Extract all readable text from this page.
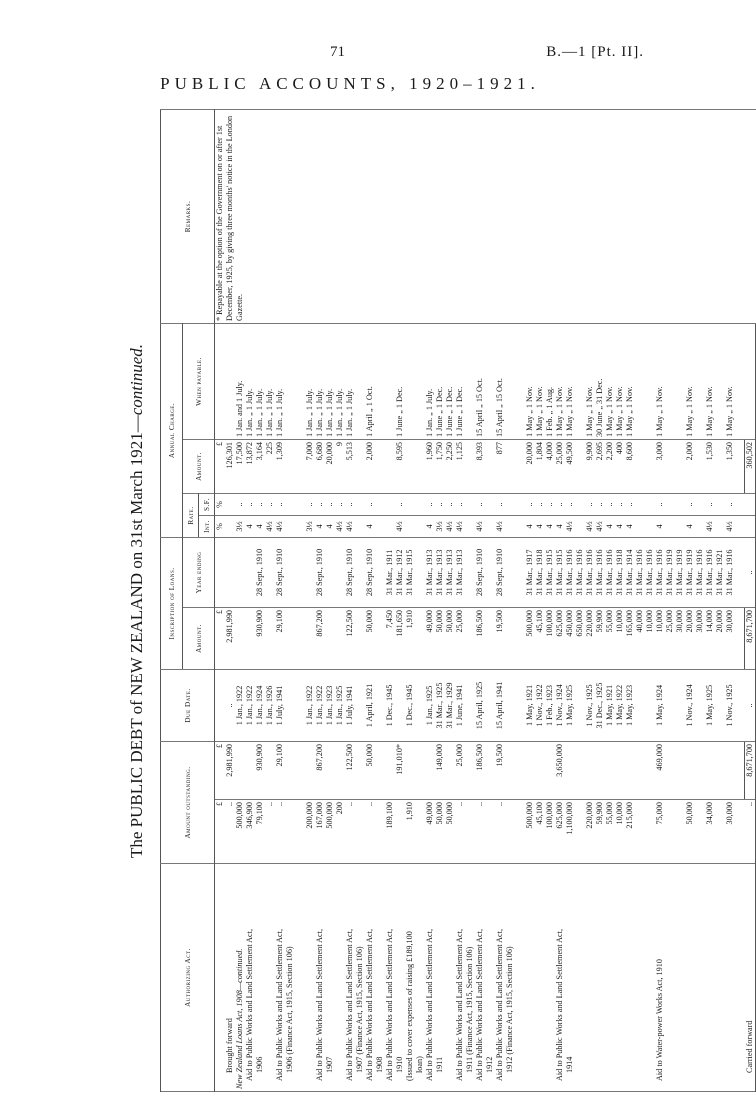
71	B.—1 [Pt. II].
PUBLIC ACCOUNTS, 1920–1921.
The PUBLIC DEBT of NEW ZEALAND on 31st March 1921—continued.
Authorizing Act.	Amount outstanding.		Due Date.	Inscription of Loans.		Annual Charge.				Remarks.
				Amount.	Year ending	Rate.		Amount.	When payable.	
						Int.	S.F.			
	£	£		£		%	%	£		* Repayable at the option of the Government on or after 1st December, 1925, by giving three months' notice in the London Gazette.
Brought forward	..	2,981,990	..	2,981,990				126,301		
New Zealand Loans Act, 1908—continued.	500,000		1 Jan., 1922			3½	..	17,500	1 Jan. and 1 July.	
Aid to Public Works and Land Settlement Act,	346,900		1 Jan., 1922			4	..	13,872	1 Jan. „ 1 July.	
1906	79,100	930,900	1 Jan., 1924	930,900	28 Sept., 1910	4	..	3,164	1 Jan. „ 1 July.	
	..		1 Jan., 1926			4½	..	225	1 Jan. „ 1 July.	
Aid to Public Works and Land Settlement Act,	..	29,100	1 July, 1941	29,100	28 Sept., 1910	4½	..	1,309	1 Jan. „ 1 July.	
1906 (Finance Act, 1915, Section 106)										

	200,000		1 Jan., 1922			3½	..	7,000	1 Jan. „ 1 July.	
Aid to Public Works and Land Settlement Act,	167,000	867,200	1 Jan., 1922	867,200	28 Sept., 1910	4	..	6,680	1 Jan. „ 1 July.	
1907	500,000		1 Jan., 1923			4	..	20,000	1 Jan. „ 1 July.	
	200		1 Jan., 1925			4½	..	9	1 Jan. „ 1 July.	
Aid to Public Works and Land Settlement Act,	..	122,500	1 July, 1941	122,500	28 Sept., 1910	4½	..	5,513	1 Jan. „ 1 July.	
1907 (Finance Act, 1915, Section 106)										
Aid to Public Works and Land Settlement Act,	..	50,000	1 April, 1921	50,000	28 Sept., 1910	4	..	2,000	1 April „ 1 Oct.	
1908										
Aid to Public Works and Land Settlement Act,	189,100		1 Dec., 1945	7,450	31 Mar., 1911					
1910		191,010*		181,650	31 Mar., 1912	4½	..	8,595	1 June „ 1 Dec.	
(Issued to cover expenses of raising £189,100	1,910		1 Dec., 1945	1,910	31 Mar., 1915					
loan)										
Aid to Public Works and Land Settlement Act,	49,000		1 Jan., 1925	49,000	31 Mar., 1913	4	..	1,960	1 Jan. „ 1 July.	
1911	50,000	149,000	31 Mar., 1925	50,000	31 Mar., 1913	3½	..	1,750	1 June „ 1 Dec.	
	50,000		31 Mar., 1929	50,000	31 Mar., 1913	4½	..	2,250	1 June „ 1 Dec.	
Aid to Public Works and Land Settlement Act,	..	25,000	1 June, 1941	25,000	31 Mar., 1913	4½	..	1,125	1 June „ 1 Dec.	
1911 (Finance Act, 1915, Section 106)										
Aid to Public Works and Land Settlement Act,	..	186,500	15 April, 1925	186,500	28 Sept., 1910	4½	..	8,393	15 April „ 15 Oct.	
1912										
Aid to Public Works and Land Settlement Act,	..	19,500	15 April, 1941	19,500	28 Sept., 1910	4½	..	877	15 April „ 15 Oct.	
1912 (Finance Act, 1915, Section 106)										

	500,000		1 May, 1921	500,000	31 Mar., 1917	4	..	20,000	1 May „ 1 Nov.	
	45,100		1 Nov., 1922	45,100	31 Mar., 1918	4	..	1,804	1 May „ 1 Nov.	
	100,000		1 Feb., 1923	100,000	31 Mar., 1915	4	..	4,000	1 Feb. „ 1 Aug.	
Aid to Public Works and Land Settlement Act,	625,000	3,650,000	1 Nov., 1924	625,000	31 Mar., 1915	4	..	25,000	1 May „ 1 Nov.	
1914	1,100,000		1 May, 1925	450,000	31 Mar., 1916	4½	..	49,500	1 May „ 1 Nov.	
				650,000	31 Mar., 1916					
	220,000		1 Nov., 1925	220,000	31 Mar., 1916	4½	..	9,900	1 May „ 1 Nov.	
	59,900		31 Dec., 1925	59,900	31 Mar., 1916	4½	..	2,695	30 June „ 31 Dec.	
	55,000		1 May, 1921	55,000	31 Mar., 1916	4	..	2,200	1 May „ 1 Nov.	
	10,000		1 May, 1922	10,000	31 Mar., 1918	4	..	400	1 May „ 1 Nov.	
	215,000		1 May, 1923	165,000	31 Mar., 1914	4	..	8,600	1 May „ 1 Nov.	
				40,000	31 Mar., 1916					
				10,000	31 Mar., 1916					
Aid to Water-power Works Act, 1910	75,000	469,000	1 May, 1924	10,000	31 Mar., 1916	4	..	3,000	1 May „ 1 Nov.	
				25,000	31 Mar., 1919					
				30,000	31 Mar., 1919					
	50,000		1 Nov., 1924	20,000	31 Mar., 1919	4	..	2,000	1 May „ 1 Nov.	
				30,000	31 Mar., 1916					
	34,000		1 May, 1925	14,000	31 Mar., 1916	4½	..	1,530	1 May „ 1 Nov.	
				20,000	31 Mar., 1921					
	30,000		1 Nov., 1925	30,000	31 Mar., 1916	4½	..	1,350	1 May „ 1 Nov.	

Carried forward	..	8,671,700	..	8,671,700	..			360,502		
